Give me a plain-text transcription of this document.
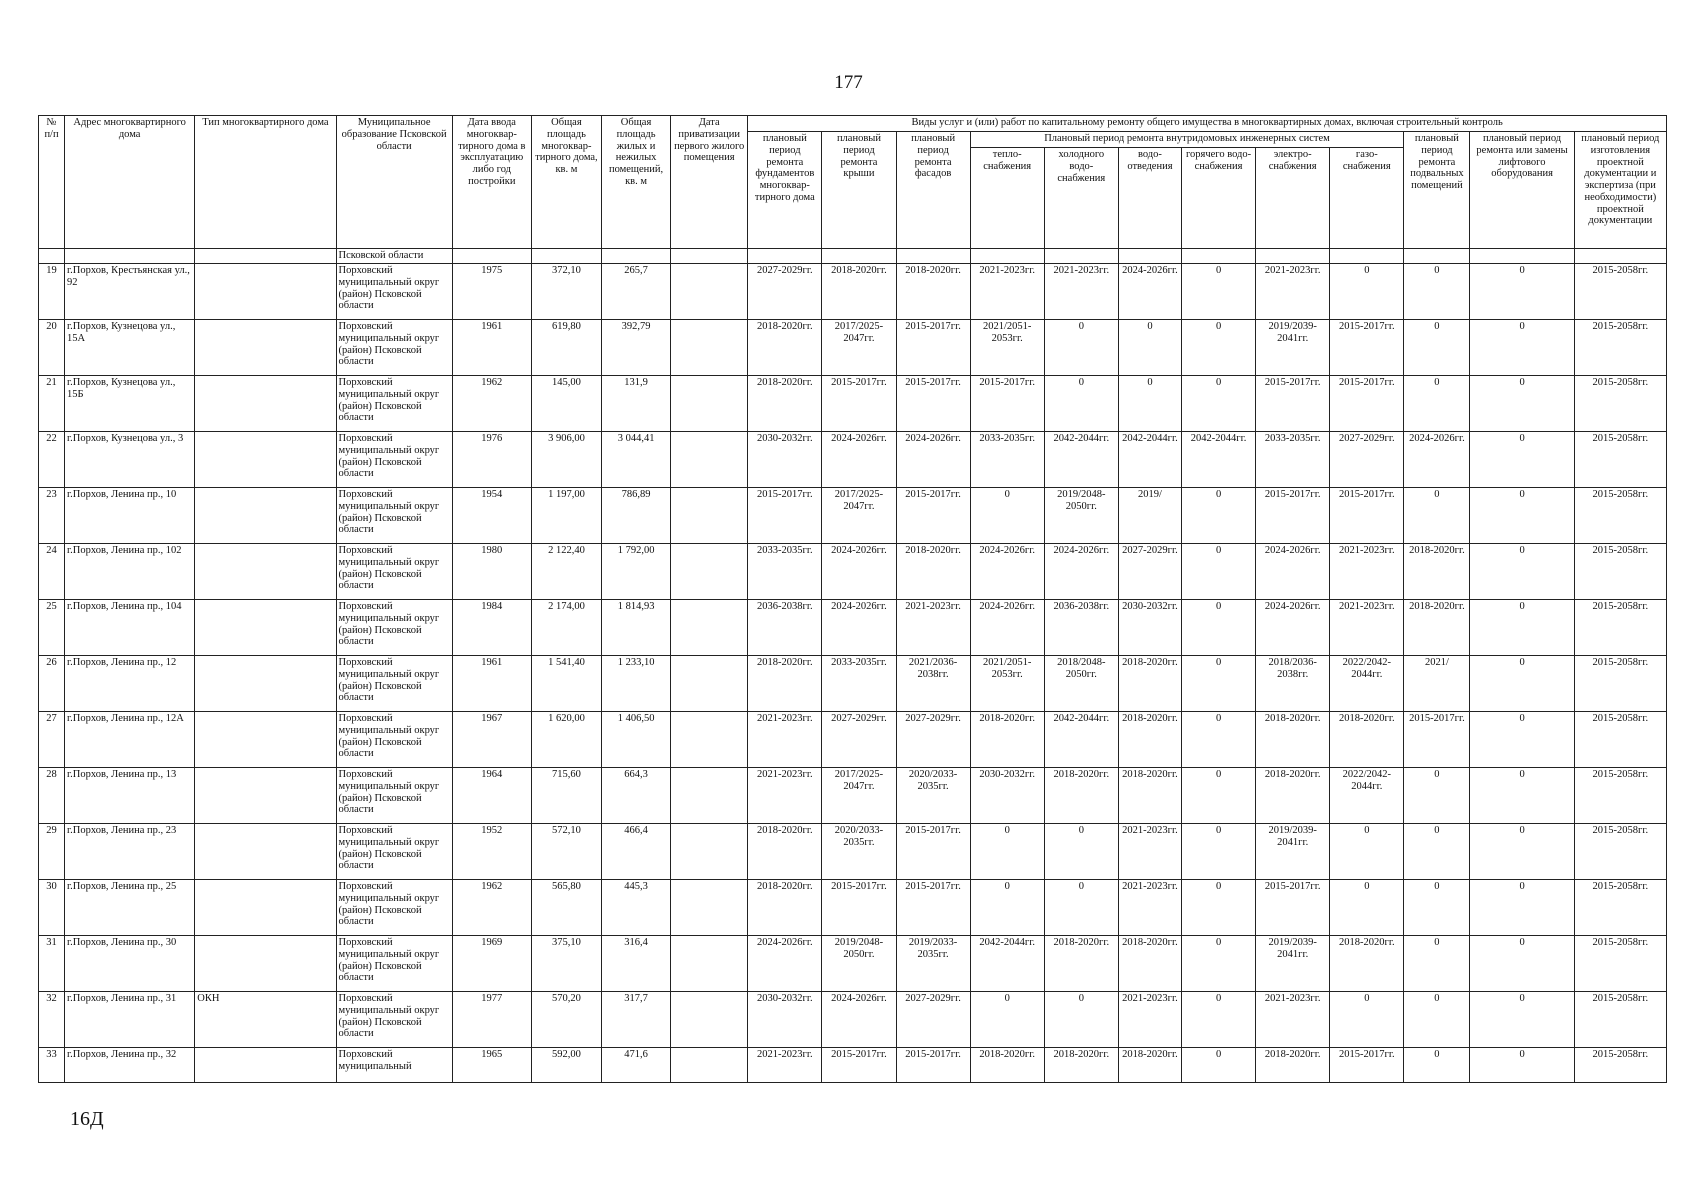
177
№ п/п	Адрес многоквартирного дома	Тип многоквартирного дома	Муниципальное образование Псковской области	Дата ввода многоквар-тирного дома в эксплуатацию либо год постройки	Общая площадь многоквар-тирного дома, кв. м	Общая площадь жилых и нежилых помещений, кв. м	Дата приватизации первого жилого помещения	Виды услуг и (или) работ по капитальному ремонту общего имущества в многоквартирных домах, включая строительный контроль											
								плановый период ремонта фундаментов многоквар-тирного дома	плановый период ремонта крыши	плановый период ремонта фасадов	Плановый период ремонта внутридомовых инженерных систем						плановый период ремонта подвальных помещений	плановый период ремонта или замены лифтового оборудования	плановый период изготовления проектной документации и экспертиза (при необходимости) проектной документации
											тепло-снабжения	холодного водо-снабжения	водо-отведения	горячего водо-снабжения	электро-снабжения	газо-снабжения			
			Псковской области																
19	г.Порхов, Крестьянская ул., 92		Порховский муниципальный округ (район) Псковской области	1975	372,10	265,7		2027-2029гг.	2018-2020гг.	2018-2020гг.	2021-2023гг.	2021-2023гг.	2024-2026гг.	0	2021-2023гг.	0	0	0	2015-2058гг.
20	г.Порхов, Кузнецова ул., 15А		Порховский муниципальный округ (район) Псковской области	1961	619,80	392,79		2018-2020гг.	2017/2025-2047гг.	2015-2017гг.	2021/2051-2053гг.	0	0	0	2019/2039-2041гг.	2015-2017гг.	0	0	2015-2058гг.
21	г.Порхов, Кузнецова ул., 15Б		Порховский муниципальный округ (район) Псковской области	1962	145,00	131,9		2018-2020гг.	2015-2017гг.	2015-2017гг.	2015-2017гг.	0	0	0	2015-2017гг.	2015-2017гг.	0	0	2015-2058гг.
22	г.Порхов, Кузнецова ул., 3		Порховский муниципальный округ (район) Псковской области	1976	3 906,00	3 044,41		2030-2032гг.	2024-2026гг.	2024-2026гг.	2033-2035гг.	2042-2044гг.	2042-2044гг.	2042-2044гг.	2033-2035гг.	2027-2029гг.	2024-2026гг.	0	2015-2058гг.
23	г.Порхов, Ленина пр., 10		Порховский муниципальный округ (район) Псковской области	1954	1 197,00	786,89		2015-2017гг.	2017/2025-2047гг.	2015-2017гг.	0	2019/2048-2050гг.	2019/	0	2015-2017гг.	2015-2017гг.	0	0	2015-2058гг.
24	г.Порхов, Ленина пр., 102		Порховский муниципальный округ (район) Псковской области	1980	2 122,40	1 792,00		2033-2035гг.	2024-2026гг.	2018-2020гг.	2024-2026гг.	2024-2026гг.	2027-2029гг.	0	2024-2026гг.	2021-2023гг.	2018-2020гг.	0	2015-2058гг.
25	г.Порхов, Ленина пр., 104		Порховский муниципальный округ (район) Псковской области	1984	2 174,00	1 814,93		2036-2038гг.	2024-2026гг.	2021-2023гг.	2024-2026гг.	2036-2038гг.	2030-2032гг.	0	2024-2026гг.	2021-2023гг.	2018-2020гг.	0	2015-2058гг.
26	г.Порхов, Ленина пр., 12		Порховский муниципальный округ (район) Псковской области	1961	1 541,40	1 233,10		2018-2020гг.	2033-2035гг.	2021/2036-2038гг.	2021/2051-2053гг.	2018/2048-2050гг.	2018-2020гг.	0	2018/2036-2038гг.	2022/2042-2044гг.	2021/	0	2015-2058гг.
27	г.Порхов, Ленина пр., 12А		Порховский муниципальный округ (район) Псковской области	1967	1 620,00	1 406,50		2021-2023гг.	2027-2029гг.	2027-2029гг.	2018-2020гг.	2042-2044гг.	2018-2020гг.	0	2018-2020гг.	2018-2020гг.	2015-2017гг.	0	2015-2058гг.
28	г.Порхов, Ленина пр., 13		Порховский муниципальный округ (район) Псковской области	1964	715,60	664,3		2021-2023гг.	2017/2025-2047гг.	2020/2033-2035гг.	2030-2032гг.	2018-2020гг.	2018-2020гг.	0	2018-2020гг.	2022/2042-2044гг.	0	0	2015-2058гг.
29	г.Порхов, Ленина пр., 23		Порховский муниципальный округ (район) Псковской области	1952	572,10	466,4		2018-2020гг.	2020/2033-2035гг.	2015-2017гг.	0	0	2021-2023гг.	0	2019/2039-2041гг.	0	0	0	2015-2058гг.
30	г.Порхов, Ленина пр., 25		Порховский муниципальный округ (район) Псковской области	1962	565,80	445,3		2018-2020гг.	2015-2017гг.	2015-2017гг.	0	0	2021-2023гг.	0	2015-2017гг.	0	0	0	2015-2058гг.
31	г.Порхов, Ленина пр., 30		Порховский муниципальный округ (район) Псковской области	1969	375,10	316,4		2024-2026гг.	2019/2048-2050гг.	2019/2033-2035гг.	2042-2044гг.	2018-2020гг.	2018-2020гг.	0	2019/2039-2041гг.	2018-2020гг.	0	0	2015-2058гг.
32	г.Порхов, Ленина пр., 31	ОКН	Порховский муниципальный округ (район) Псковской области	1977	570,20	317,7		2030-2032гг.	2024-2026гг.	2027-2029гг.	0	0	2021-2023гг.	0	2021-2023гг.	0	0	0	2015-2058гг.
33	г.Порхов, Ленина пр., 32		Порховский муниципальный	1965	592,00	471,6		2021-2023гг.	2015-2017гг.	2015-2017гг.	2018-2020гг.	2018-2020гг.	2018-2020гг.	0	2018-2020гг.	2015-2017гг.	0	0	2015-2058гг.
16Д
